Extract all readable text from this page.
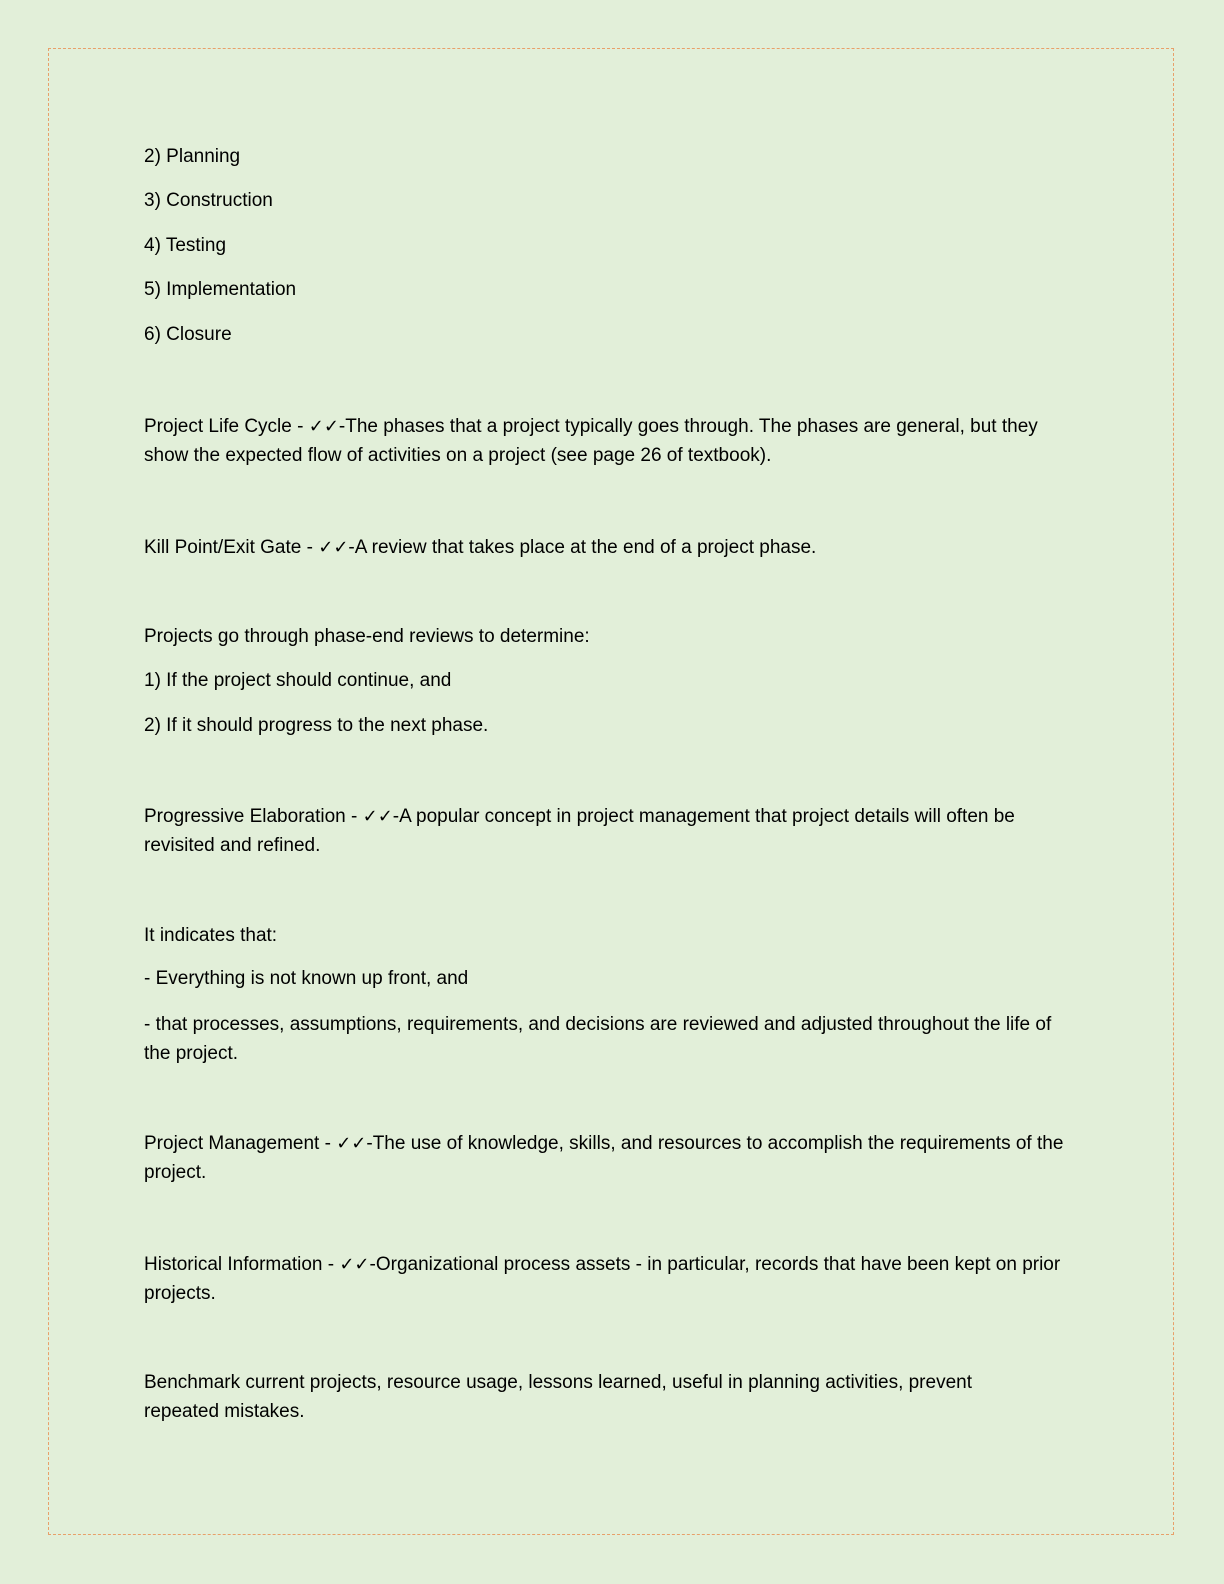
2) Planning
3) Construction
4) Testing
5) Implementation
6) Closure
Project Life Cycle - ✓✓-The phases that a project typically goes through. The phases are general, but they show the expected flow of activities on a project (see page 26 of textbook).
Kill Point/Exit Gate - ✓✓-A review that takes place at the end of a project phase.
Projects go through phase-end reviews to determine:
1) If the project should continue, and
2) If it should progress to the next phase.
Progressive Elaboration - ✓✓-A popular concept in project management that project details will often be revisited and refined.
It indicates that:
- Everything is not known up front, and
- that processes, assumptions, requirements, and decisions are reviewed and adjusted throughout the life of the project.
Project Management - ✓✓-The use of knowledge, skills, and resources to accomplish the requirements of the project.
Historical Information - ✓✓-Organizational process assets - in particular, records that have been kept on prior projects.
Benchmark current projects, resource usage, lessons learned, useful in planning activities, prevent repeated mistakes.
